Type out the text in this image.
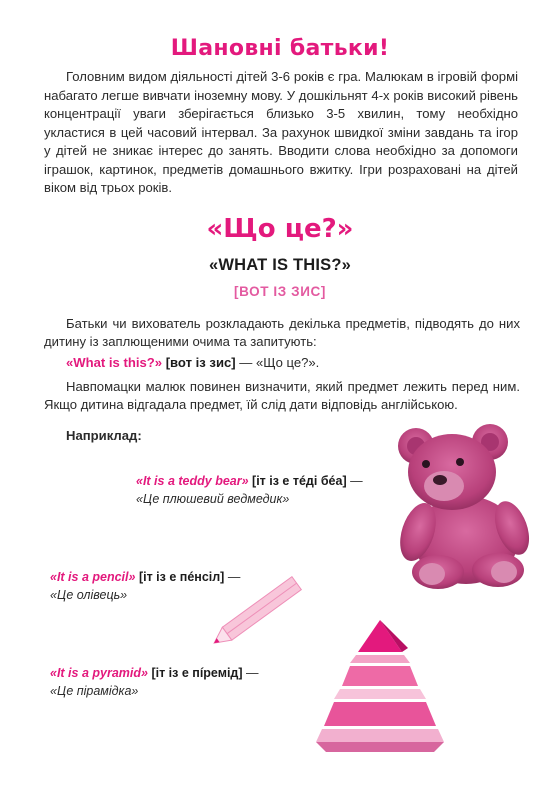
Шановні батьки!
Головним видом діяльності дітей 3-6 років є гра. Малюкам в ігровій формі набагато легше вивчати іноземну мову. У дошкільнят 4-х років високий рівень концентрації уваги зберігається близько 3-5 хвилин, тому необхідно укластися в цей часовий інтервал. За рахунок швидкої зміни завдань та ігор у дітей не зникає інтерес до занять. Вводити слова необхідно за допомоги іграшок, картинок, предметів домашнього вжитку. Ігри розраховані на дітей віком від трьох років.
«Що це?»
«WHAT IS THIS?»
[ВОТ ІЗ ЗИС]
Батьки чи вихователь розкладають декілька предметів, підводять до них дитину із заплющеними очима та запитують:
«What is this?» [вот із зис] — «Що це?».
Навпомацки малюк повинен визначити, який предмет лежить перед ним. Якщо дитина відгадала предмет, їй слід дати відповідь англійською.
Наприклад:
«It is a teddy bear» [іт із е тéді бéа] —
«Це плюшевий ведмедик»
«It is a pencil» [іт із е пéнсіл] —
«Це олівець»
«It is a pyramid» [іт із е пíремід] —
«Це пірамідка»
